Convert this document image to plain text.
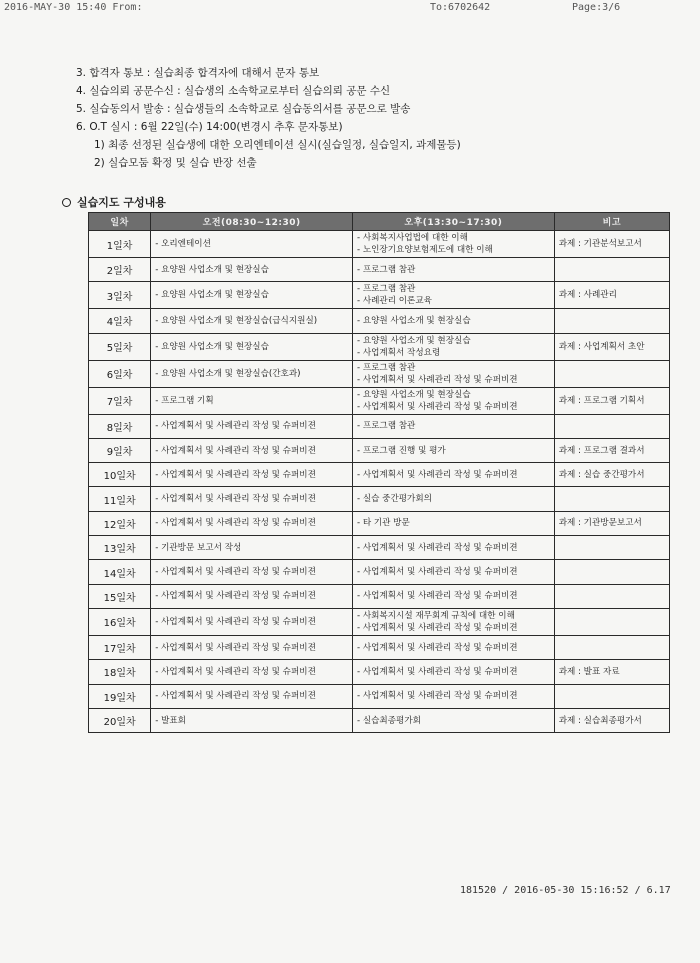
2016-MAY-30 15:40 From:	To:6702642	Page:3/6
3. 합격자 통보 : 실습최종 합격자에 대해서 문자 통보
4. 실습의뢰 공문수신 : 실습생의 소속학교로부터 실습의뢰 공문 수신
5. 실습동의서 발송 : 실습생들의 소속학교로 실습동의서를 공문으로 발송
6. O.T 실시 : 6월 22일(수) 14:00(변경시 추후 문자통보)
1) 최종 선정된 실습생에 대한 오리엔테이션 실시(실습일정, 실습일지, 과제물등)
2) 실습모둠 확정 및 실습 반장 선출
실습지도 구성내용
일차	오전(08:30~12:30)	오후(13:30~17:30)	비고
1일차	- 오리엔테이션	- 사회복지사업법에 대한 이해
- 노인장기요양보험제도에 대한 이해	과제 : 기관분석보고서

2일차	- 요양원 사업소개 및 현장실습	- 프로그램 참관	

3일차	- 요양원 사업소개 및 현장실습	- 프로그램 참관
- 사례관리 이론교육	과제 : 사례관리

4일차	- 요양원 사업소개 및 현장실습(급식지원실)	- 요양원 사업소개 및 현장실습	

5일차	- 요양원 사업소개 및 현장실습	- 요양원 사업소개 및 현장실습
- 사업계획서 작성요령	과제 : 사업계획서 초안

6일차	- 요양원 사업소개 및 현장실습(간호과)	- 프로그램 참관
- 사업계획서 및 사례관리 작성 및 슈퍼비젼	

7일차	- 프로그램 기획	- 요양원 사업소개 및 현장실습
- 사업계획서 및 사례관리 작성 및 슈퍼비젼	과제 : 프로그램 기획서

8일차	- 사업계획서 및 사례관리 작성 및 슈퍼비젼	- 프로그램 참관	

9일차	- 사업계획서 및 사례관리 작성 및 슈퍼비젼	- 프로그램 진행 및 평가	과제 : 프로그램 결과서

10일차	- 사업계획서 및 사례관리 작성 및 슈퍼비젼	- 사업계획서 및 사례관리 작성 및 슈퍼비젼	과제 : 실습 중간평가서

11일차	- 사업계획서 및 사례관리 작성 및 슈퍼비젼	- 실습 중간평가회의	

12일차	- 사업계획서 및 사례관리 작성 및 슈퍼비젼	- 타 기관 방문	과제 : 기관방문보고서

13일차	- 기관방문 보고서 작성	- 사업계획서 및 사례관리 작성 및 슈퍼비젼	

14일차	- 사업계획서 및 사례관리 작성 및 슈퍼비젼	- 사업계획서 및 사례관리 작성 및 슈퍼비젼	

15일차	- 사업계획서 및 사례관리 작성 및 슈퍼비젼	- 사업계획서 및 사례관리 작성 및 슈퍼비젼	

16일차	- 사업계획서 및 사례관리 작성 및 슈퍼비젼	- 사회복지시설 재무회계 규칙에 대한 이해
- 사업계획서 및 사례관리 작성 및 슈퍼비젼	

17일차	- 사업계획서 및 사례관리 작성 및 슈퍼비젼	- 사업계획서 및 사례관리 작성 및 슈퍼비젼	

18일차	- 사업계획서 및 사례관리 작성 및 슈퍼비젼	- 사업계획서 및 사례관리 작성 및 슈퍼비젼	과제 : 발표 자료

19일차	- 사업계획서 및 사례관리 작성 및 슈퍼비젼	- 사업계획서 및 사례관리 작성 및 슈퍼비젼	

20일차	- 발표회	- 실습최종평가회	과제 : 실습최종평가서
181520 / 2016-05-30 15:16:52 / 6.17
